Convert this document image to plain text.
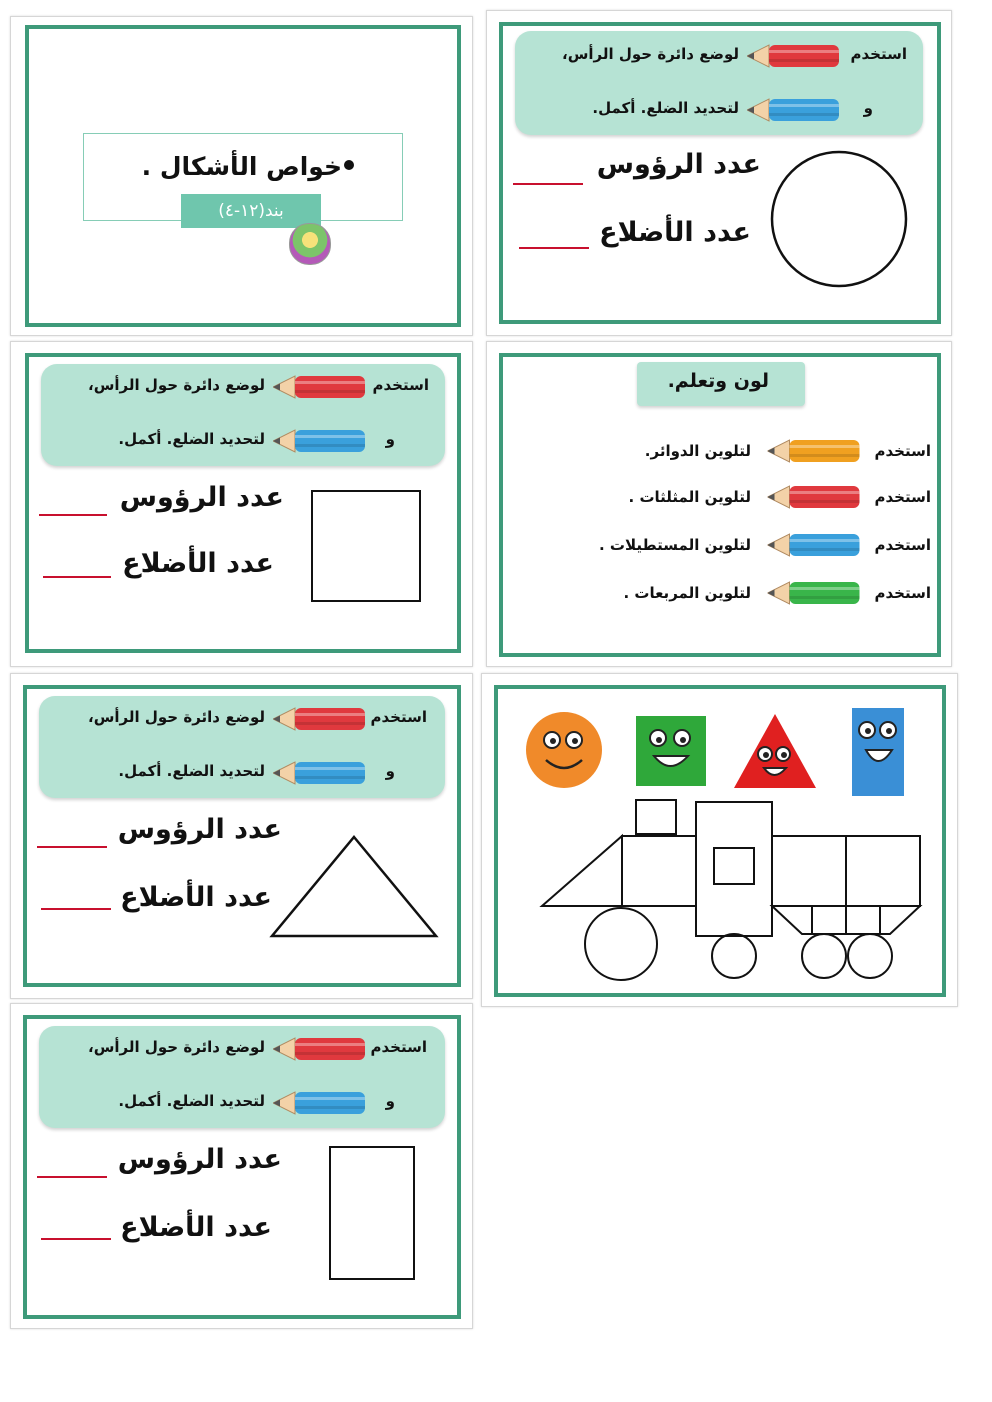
خواص الأشكال .
بند(١٢-٤)
استخدم
لوضع دائرة حول الرأس،
و
لتحديد الضلع. أكمل.
عدد الرؤوس
عدد الأضلاع
استخدم
لوضع دائرة حول الرأس،
و
لتحديد الضلع. أكمل.
عدد الرؤوس
عدد الأضلاع
لون وتعلم.
استخدم
لتلوين الدوائر.
استخدم
لتلوين المثلثات .
استخدم
لتلوين المستطيلات .
استخدم
لتلوين المربعات .
استخدم
لوضع دائرة حول الرأس،
و
لتحديد الضلع. أكمل.
عدد الرؤوس
عدد الأضلاع
استخدم
لوضع دائرة حول الرأس،
و
لتحديد الضلع. أكمل.
عدد الرؤوس
عدد الأضلاع
